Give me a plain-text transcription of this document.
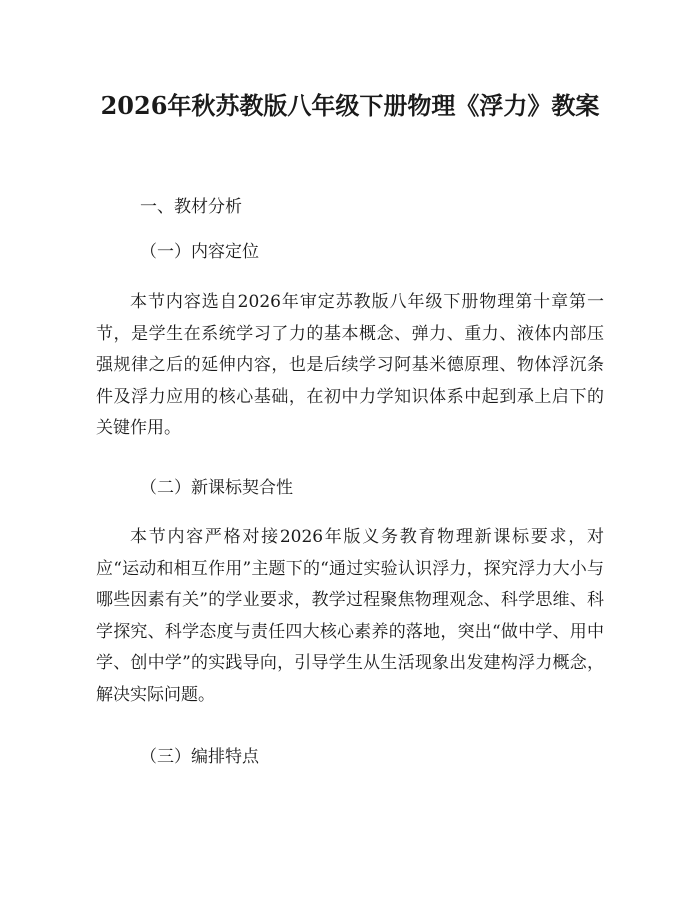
2026年秋苏教版八年级下册物理《浮力》教案

一、教材分析

（一）内容定位

本节内容选自2026年审定苏教版八年级下册物理第十章第一节，是学生在系统学习了力的基本概念、弹力、重力、液体内部压强规律之后的延伸内容，也是后续学习阿基米德原理、物体浮沉条件及浮力应用的核心基础，在初中力学知识体系中起到承上启下的关键作用。

（二）新课标契合性

本节内容严格对接2026年版义务教育物理新课标要求，对应“运动和相互作用”主题下的“通过实验认识浮力，探究浮力大小与哪些因素有关”的学业要求，教学过程聚焦物理观念、科学思维、科学探究、科学态度与责任四大核心素养的落地，突出“做中学、用中学、创中学”的实践导向，引导学生从生活现象出发建构浮力概念，解决实际问题。

（三）编排特点
